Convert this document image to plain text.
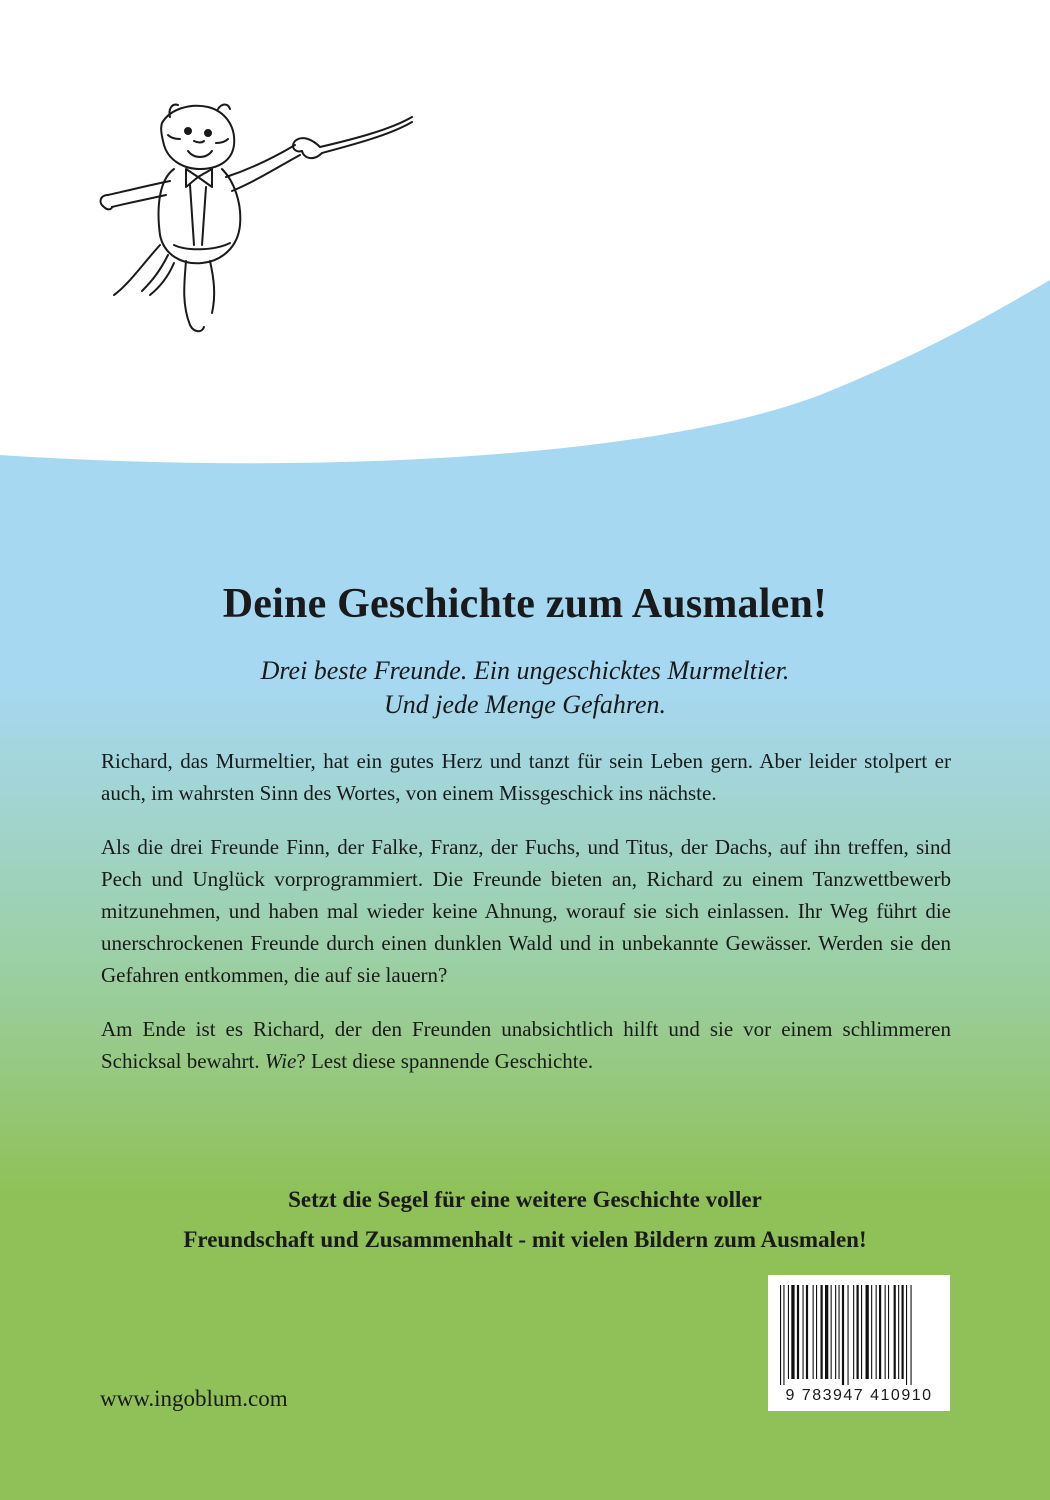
Deine Geschichte zum Ausmalen!
Drei beste Freunde. Ein ungeschicktes Murmeltier.
Und jede Menge Gefahren.

Richard, das Murmeltier, hat ein gutes Herz und tanzt für sein Leben gern. Aber leider stolpert er auch, im wahrsten Sinn des Wortes, von einem Missgeschick ins nächste.

Als die drei Freunde Finn, der Falke, Franz, der Fuchs, und Titus, der Dachs, auf ihn treffen, sind Pech und Unglück vorprogrammiert. Die Freunde bieten an, Richard zu einem Tanzwettbewerb mitzunehmen, und haben mal wieder keine Ahnung, worauf sie sich einlassen. Ihr Weg führt die unerschrockenen Freunde durch einen dunklen Wald und in unbekannte Gewässer. Werden sie den Gefahren entkommen, die auf sie lauern?

Am Ende ist es Richard, der den Freunden unabsichtlich hilft und sie vor einem schlimmeren Schicksal bewahrt. Wie? Lest diese spannende Geschichte.

Setzt die Segel für eine weitere Geschichte voller
Freundschaft und Zusammenhalt - mit vielen Bildern zum Ausmalen!
www.ingoblum.com	9 783947 410910
